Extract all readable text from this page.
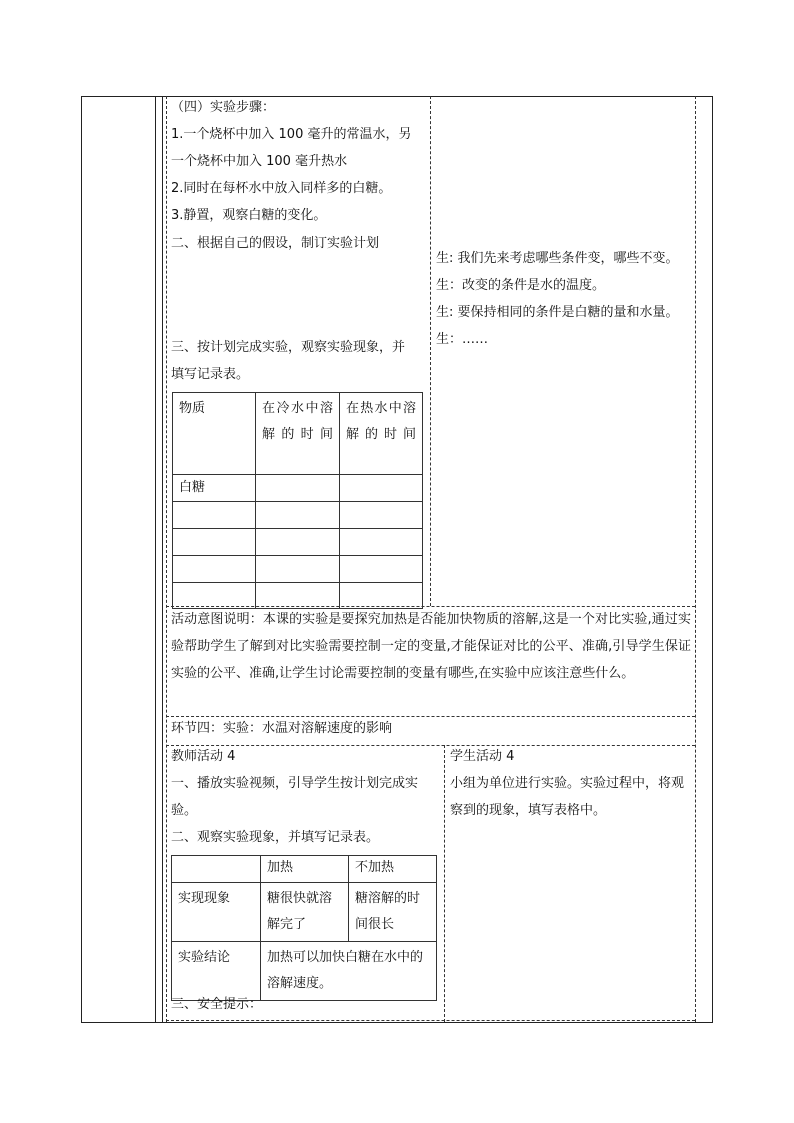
（四）实验步骤：
1.一个烧杯中加入 100 毫升的常温水，另
一个烧杯中加入 100 毫升热水
2.同时在每杯水中放入同样多的白糖。
3.静置，观察白糖的变化。
二、根据自己的假设，制订实验计划
三、按计划完成实验，观察实验现象，并
填写记录表。
物质	在冷水中溶解的时间	在热水中溶解的时间
白糖		

生: 我们先来考虑哪些条件变，哪些不变。
生：改变的条件是水的温度。
生: 要保持相同的条件是白糖的量和水量。
生：……
活动意图说明：本课的实验是要探究加热是否能加快物质的溶解,这是一个对比实验,通过实验帮助学生了解到对比实验需要控制一定的变量,才能保证对比的公平、准确,引导学生保证实验的公平、准确,让学生讨论需要控制的变量有哪些,在实验中应该注意些什么。
环节四：实验：水温对溶解速度的影响
教师活动 4
一、播放实验视频，引导学生按计划完成实
验。
二、观察实验现象，并填写记录表。
	加热	不加热
实现现象	糖很快就溶解完了	糖溶解的时间很长
实验结论	加热可以加快白糖在水中的溶解速度。	
三、安全提示：
学生活动 4
小组为单位进行实验。实验过程中，将观察到的现象，填写表格中。
